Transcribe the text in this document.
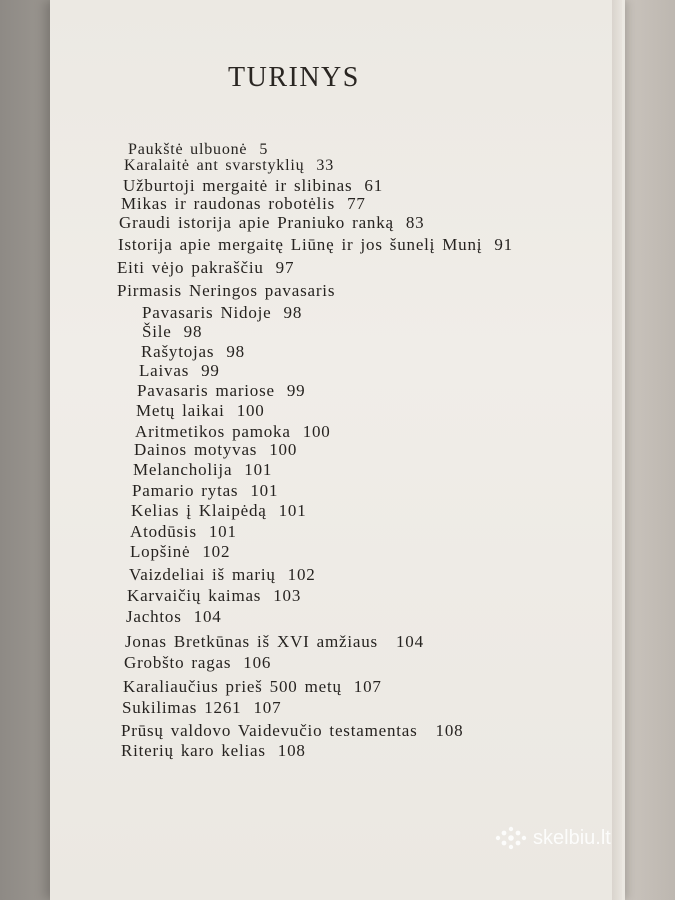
TURINYS
Paukštė ulbuonė 5
Karalaitė ant svarstyklių 33
Užburtoji mergaitė ir slibinas 61
Mikas ir raudonas robotėlis 77
Graudi istorija apie Praniuko ranką 83
Istorija apie mergaitę Liūnę ir jos šunelį Munį 91
Eiti vėjo pakraščiu 97
Pirmasis Neringos pavasaris
Pavasaris Nidoje 98
Šile 98
Rašytojas 98
Laivas 99
Pavasaris mariose 99
Metų laikai 100
Aritmetikos pamoka 100
Dainos motyvas 100
Melancholija 101
Pamario rytas 101
Kelias į Klaipėdą 101
Atodūsis 101
Lopšinė 102
Vaizdeliai iš marių 102
Karvaičių kaimas 103
Jachtos 104
Jonas Bretkūnas iš XVI amžiaus 104
Grobšto ragas 106
Karaliaučius prieš 500 metų 107
Sukilimas 1261 107
Prūsų valdovo Vaidevučio testamentas 108
Riterių karo kelias 108
skelbiu.lt
